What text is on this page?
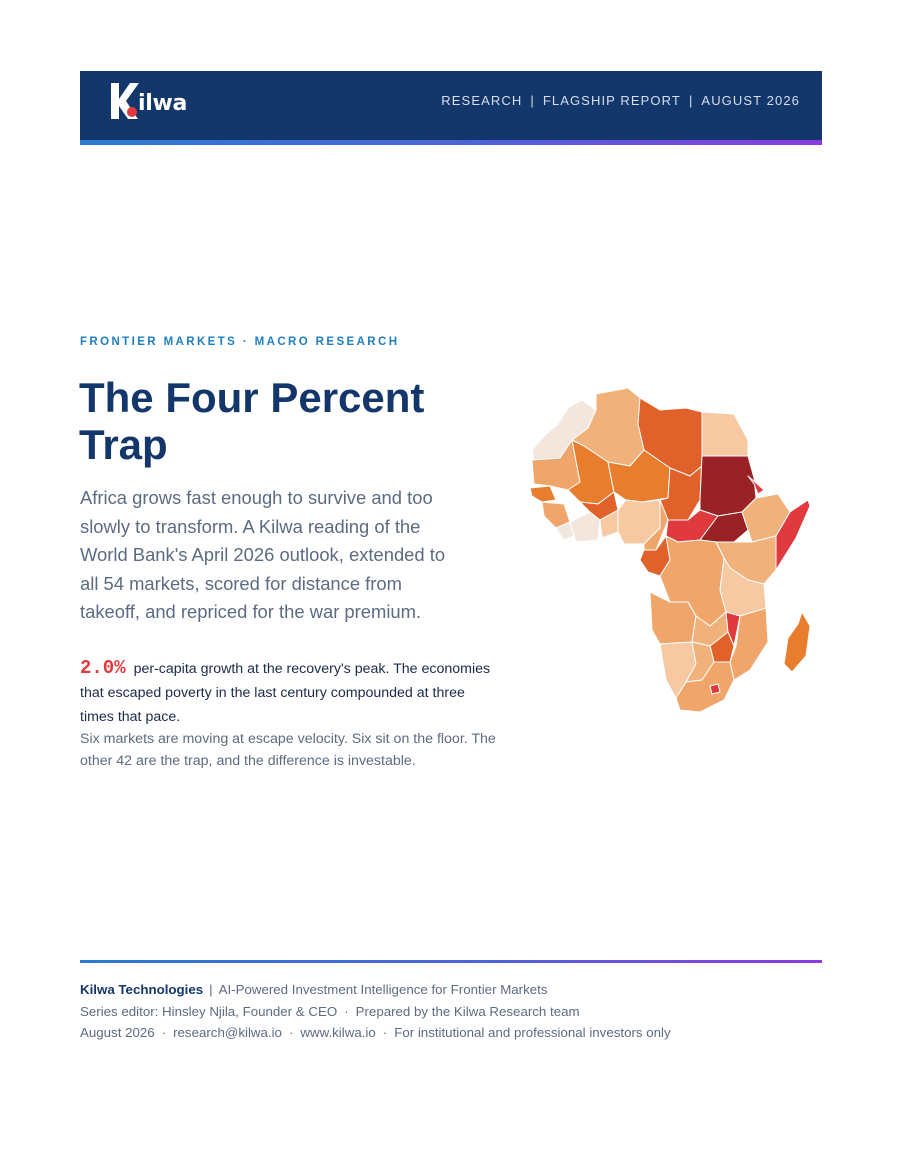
ilwa	RESEARCH | FLAGSHIP REPORT | AUGUST 2026
FRONTIER MARKETS · MACRO RESEARCH
The Four Percent Trap

Africa grows fast enough to survive and too slowly to transform. A Kilwa reading of the World Bank's April 2026 outlook, extended to all 54 markets, scored for distance from takeoff, and repriced for the war premium.

2.0% per-capita growth at the recovery's peak. The economies that escaped poverty in the last century compounded at three times that pace.
Six markets are moving at escape velocity. Six sit on the floor. The other 42 are the trap, and the difference is investable.
Kilwa Technologies | AI-Powered Investment Intelligence for Frontier Markets
Series editor: Hinsley Njila, Founder & CEO · Prepared by the Kilwa Research team
August 2026 · research@kilwa.io · www.kilwa.io · For institutional and professional investors only
